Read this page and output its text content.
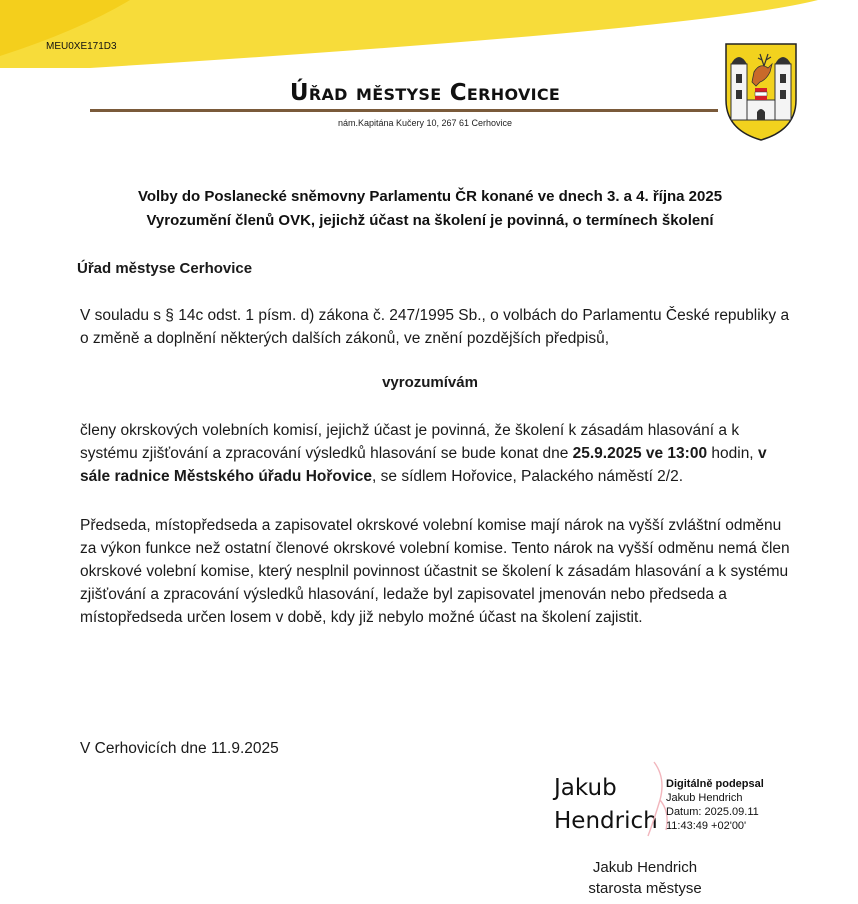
MEU0XE171D3
Úřad městyse Cerhovice
nám.Kapitána Kučery 10, 267 61 Cerhovice
Volby do Poslanecké sněmovny Parlamentu ČR konané ve dnech 3. a 4. října 2025
Vyrozumění členů OVK, jejichž účast na školení je povinná, o termínech školení
Úřad městyse Cerhovice
V souladu s § 14c odst. 1 písm. d) zákona č. 247/1995 Sb., o volbách do Parlamentu České republiky a o změně a doplnění některých dalších zákonů, ve znění pozdějších předpisů,
vyrozumívám
členy okrskových volebních komisí, jejichž účast je povinná, že školení k zásadám hlasování a k systému zjišťování a zpracování výsledků hlasování se bude konat dne 25.9.2025 ve 13:00 hodin, v sále radnice Městského úřadu Hořovice, se sídlem Hořovice, Palackého náměstí 2/2.
Předseda, místopředseda a zapisovatel okrskové volební komise mají nárok na vyšší zvláštní odměnu za výkon funkce než ostatní členové okrskové volební komise. Tento nárok na vyšší odměnu nemá člen okrskové volební komise, který nesplnil povinnost účastnit se školení k zásadám hlasování a k systému zjišťování a zpracování výsledků hlasování, ledaže byl zapisovatel jmenován nebo předseda a místopředseda určen losem v době, kdy již nebylo možné účast na školení zajistit.
V Cerhovicích dne 11.9.2025
Jakub
Hendrich
Digitálně podepsal
Jakub Hendrich
Datum: 2025.09.11
11:43:49 +02'00'
Jakub Hendrich
starosta městyse
